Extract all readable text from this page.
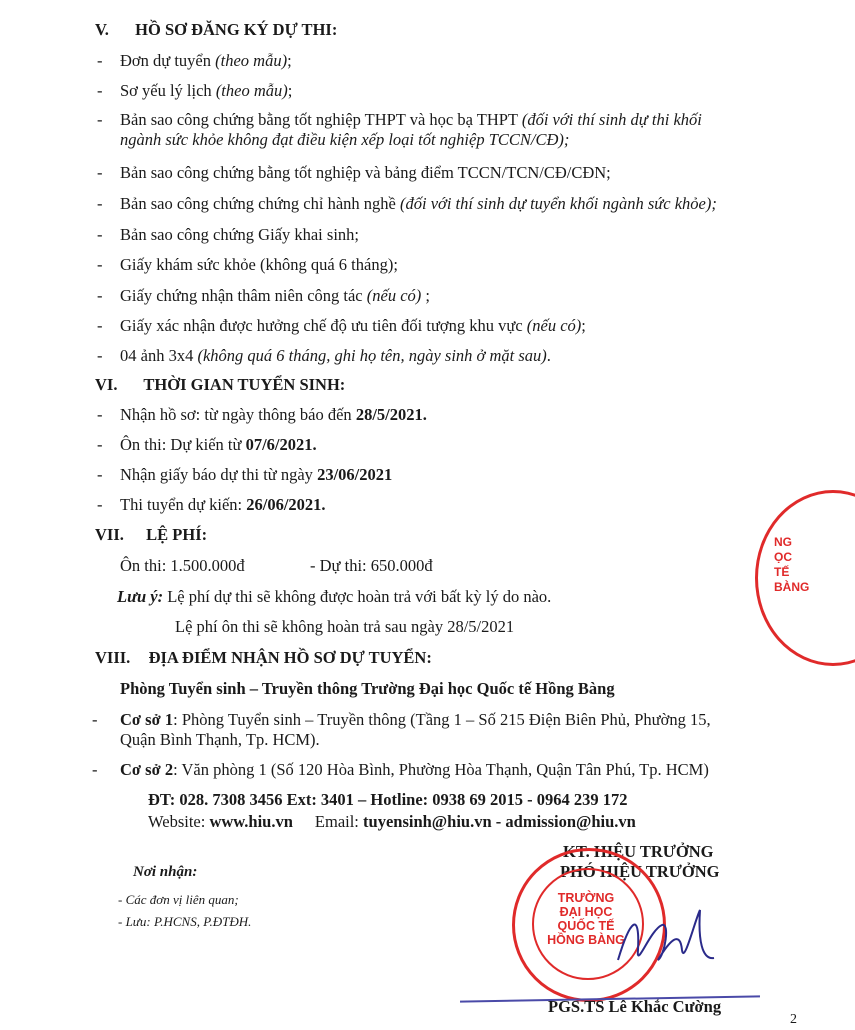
V. HỒ SƠ ĐĂNG KÝ DỰ THI:
- Đơn dự tuyển (theo mẫu);
- Sơ yếu lý lịch (theo mẫu);
- Bản sao công chứng bằng tốt nghiệp THPT và học bạ THPT (đối với thí sinh dự thi khối
ngành sức khỏe không đạt điều kiện xếp loại tốt nghiệp TCCN/CĐ);
- Bản sao công chứng bằng tốt nghiệp và bảng điểm TCCN/TCN/CĐ/CĐN;
- Bản sao công chứng chứng chỉ hành nghề (đối với thí sinh dự tuyển khối ngành sức khỏe);
- Bản sao công chứng Giấy khai sinh;
- Giấy khám sức khỏe (không quá 6 tháng);
- Giấy chứng nhận thâm niên công tác (nếu có) ;
- Giấy xác nhận được hưởng chế độ ưu tiên đối tượng khu vực (nếu có);
- 04 ảnh 3x4 (không quá 6 tháng, ghi họ tên, ngày sinh ở mặt sau).
VI. THỜI GIAN TUYỂN SINH:
- Nhận hồ sơ: từ ngày thông báo đến 28/5/2021.
- Ôn thi: Dự kiến từ 07/6/2021.
- Nhận giấy báo dự thi từ ngày 23/06/2021
- Thi tuyển dự kiến: 26/06/2021.
VII. LỆ PHÍ:
Ôn thi: 1.500.000đ	- Dự thi: 650.000đ
Lưu ý: Lệ phí dự thi sẽ không được hoàn trả với bất kỳ lý do nào.
Lệ phí ôn thi sẽ không hoàn trả sau ngày 28/5/2021
VIII. ĐỊA ĐIỂM NHẬN HỒ SƠ DỰ TUYỂN:
Phòng Tuyển sinh – Truyền thông Trường Đại học Quốc tế Hồng Bàng
- Cơ sở 1: Phòng Tuyển sinh – Truyền thông (Tầng 1 – Số 215 Điện Biên Phủ, Phường 15,
Quận Bình Thạnh, Tp. HCM).
- Cơ sở 2: Văn phòng 1 (Số 120 Hòa Bình, Phường Hòa Thạnh, Quận Tân Phú, Tp. HCM)
ĐT: 028. 7308 3456 Ext: 3401 – Hotline: 0938 69 2015 - 0964 239 172
Website: www.hiu.vn Email: tuyensinh@hiu.vn - admission@hiu.vn
Nơi nhận:
- Các đơn vị liên quan;
- Lưu: P.HCNS, P.ĐTĐH.
NG
ỌC
TẾ
BÀNG
KT. HIỆU TRƯỞNG
PHÓ HIỆU TRƯỞNG
TRƯỜNG
ĐẠI HỌC
QUỐC TẾ
HỒNG BÀNG
PGS.TS Lê Khắc Cường
2
